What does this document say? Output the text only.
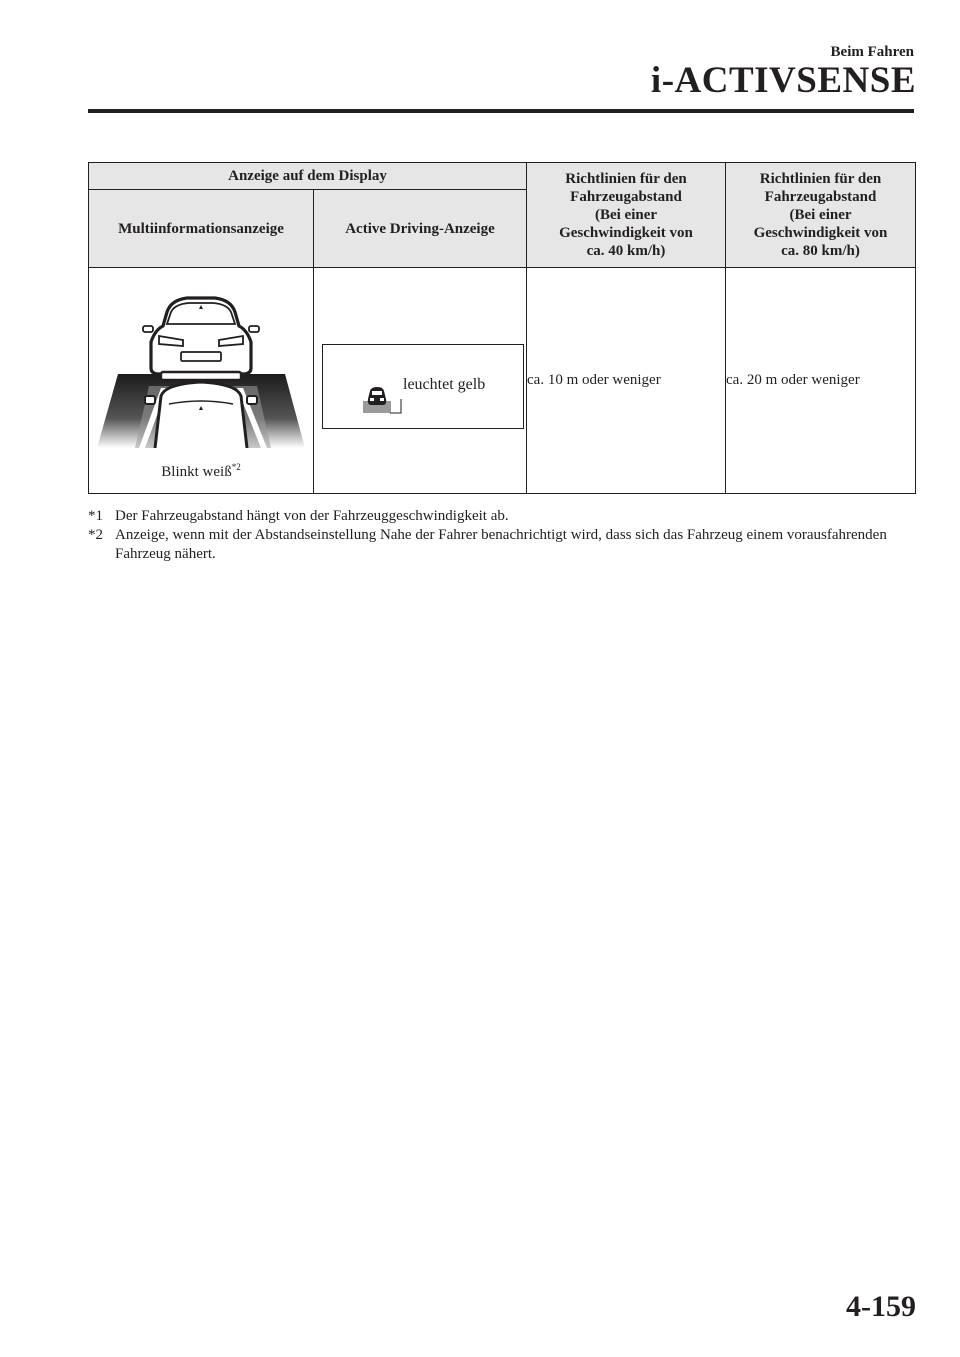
Beim Fahren
i-ACTIVSENSE
Anzeige auf dem Display		Richtlinien für den
Fahrzeugabstand
(Bei einer
Geschwindigkeit von
ca. 40 km/h)	Richtlinien für den
Fahrzeugabstand
(Bei einer
Geschwindigkeit von
ca. 80 km/h)
Multiinformationsanzeige	Active Driving-Anzeige		

Blinkt weiß$^{*2}$	leuchtet gelb	ca. 10 m oder weniger	ca. 20 m oder weniger
*1 Der Fahrzeugabstand hängt von der Fahrzeuggeschwindigkeit ab.
*2 Anzeige, wenn mit der Abstandseinstellung Nahe der Fahrer benachrichtigt wird, dass sich das Fahrzeug einem vorausfahrenden Fahrzeug nähert.
4-159
